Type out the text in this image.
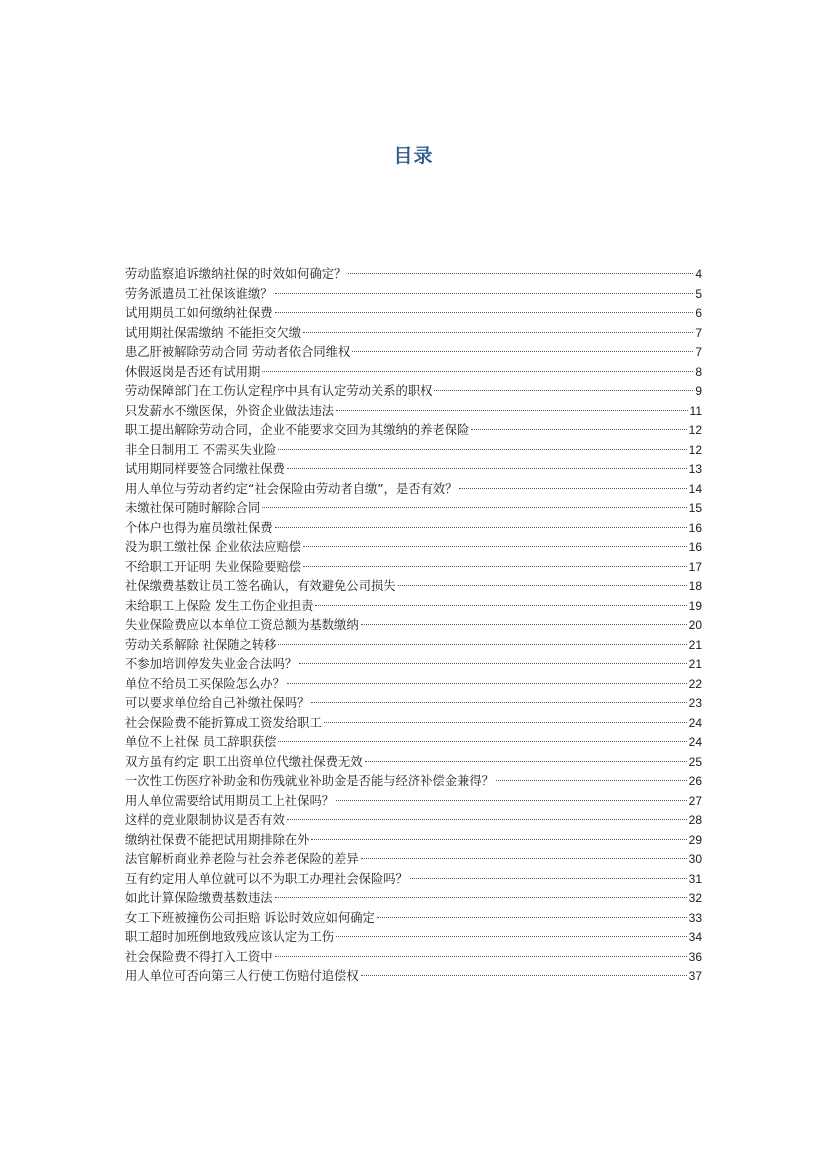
目录
劳动监察追诉缴纳社保的时效如何确定？	4
劳务派遣员工社保该谁缴？	5
试用期员工如何缴纳社保费	6
试用期社保需缴纳 不能拒交欠缴	7
患乙肝被解除劳动合同 劳动者依合同维权	7
休假返岗是否还有试用期	8
劳动保障部门在工伤认定程序中具有认定劳动关系的职权	9
只发薪水不缴医保，外资企业做法违法	11
职工提出解除劳动合同，企业不能要求交回为其缴纳的养老保险	12
非全日制用工 不需买失业险	12
试用期同样要签合同缴社保费	13
用人单位与劳动者约定“社会保险由劳动者自缴”，是否有效？	14
未缴社保可随时解除合同	15
个体户也得为雇员缴社保费	16
没为职工缴社保 企业依法应赔偿	16
不给职工开证明 失业保险要赔偿	17
社保缴费基数让员工签名确认，有效避免公司损失	18
未给职工上保险 发生工伤企业担责	19
失业保险费应以本单位工资总额为基数缴纳	20
劳动关系解除 社保随之转移	21
不参加培训停发失业金合法吗？	21
单位不给员工买保险怎么办？	22
可以要求单位给自己补缴社保吗？	23
社会保险费不能折算成工资发给职工	24
单位不上社保 员工辞职获偿	24
双方虽有约定 职工出资单位代缴社保费无效	25
一次性工伤医疗补助金和伤残就业补助金是否能与经济补偿金兼得？	26
用人单位需要给试用期员工上社保吗？	27
这样的竞业限制协议是否有效	28
缴纳社保费不能把试用期排除在外	29
法官解析商业养老险与社会养老保险的差异	30
互有约定用人单位就可以不为职工办理社会保险吗？	31
如此计算保险缴费基数违法	32
女工下班被撞伤公司拒赔 诉讼时效应如何确定	33
职工超时加班倒地致残应该认定为工伤	34
社会保险费不得打入工资中	36
用人单位可否向第三人行使工伤赔付追偿权	37
